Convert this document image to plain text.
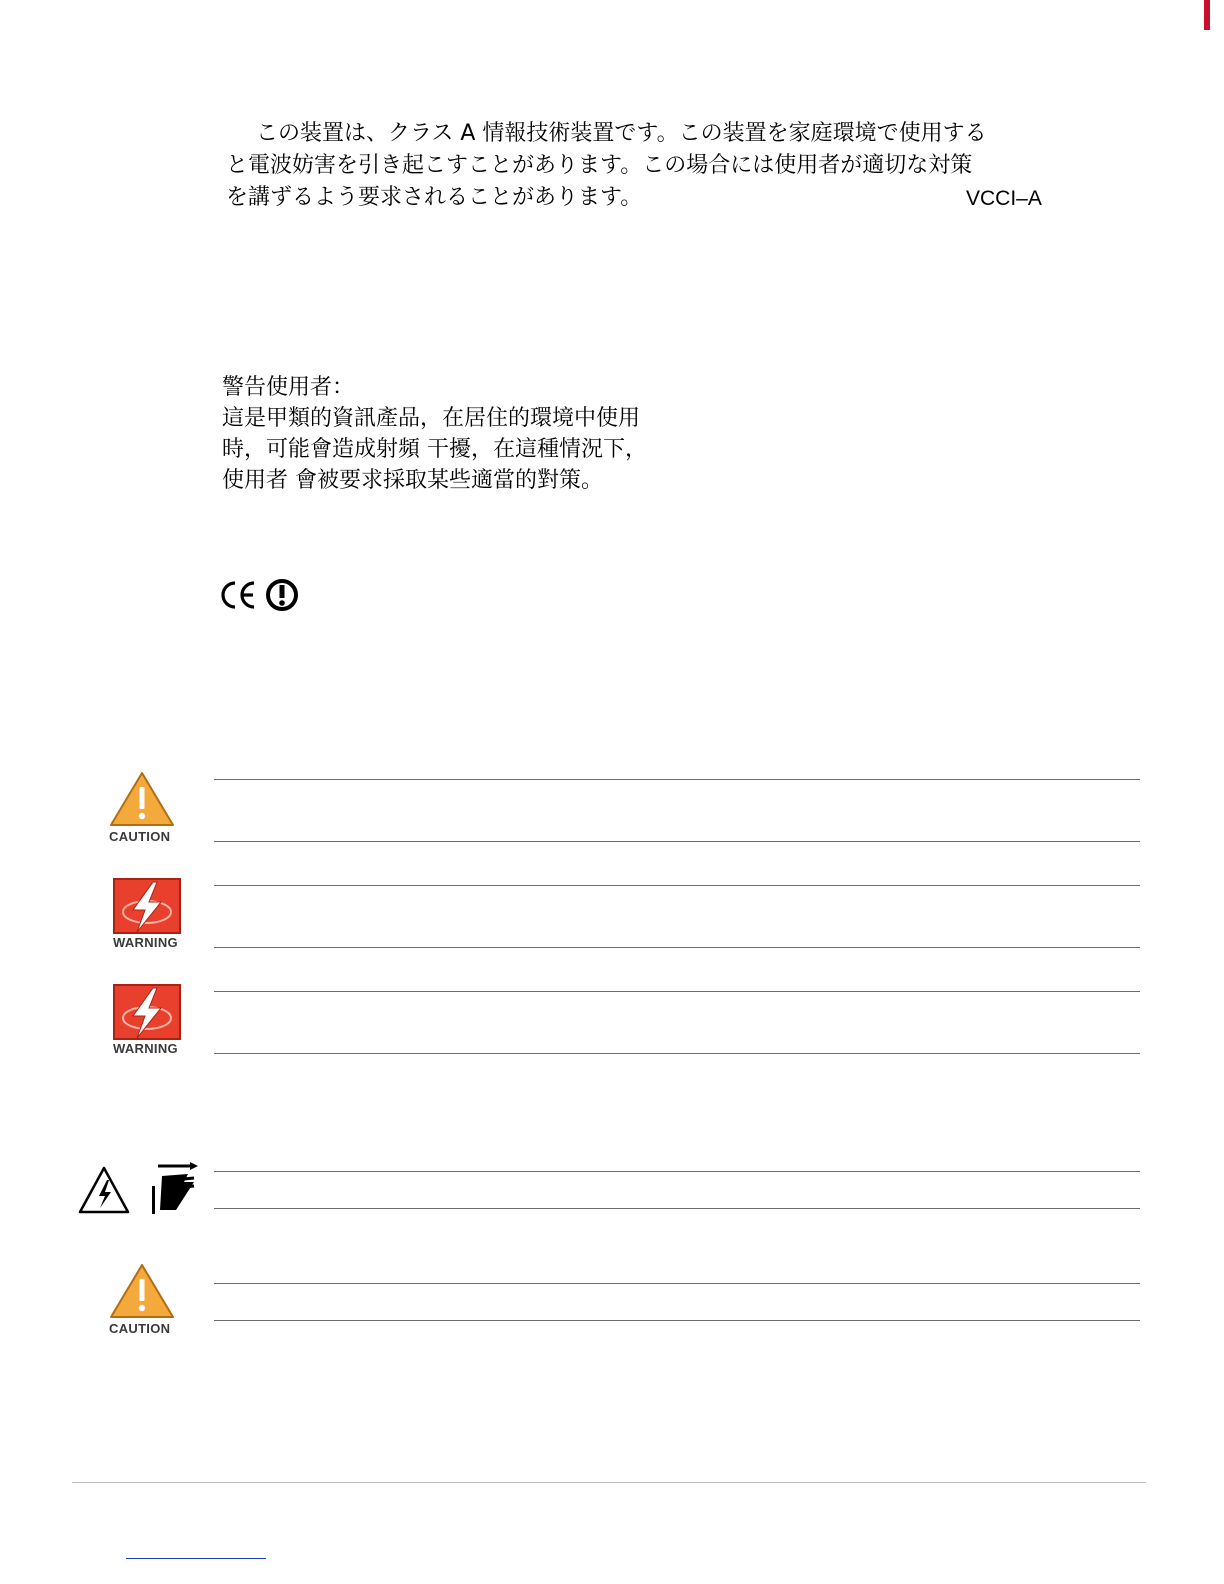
この装置は、クラス A 情報技術装置です。この装置を家庭環境で使用する
と電波妨害を引き起こすことがあります。この場合には使用者が適切な対策
を講ずるよう要求されることがあります。	VCCI–A
警告使用者：
這是甲類的資訊產品，在居住的環境中使用
時，可能會造成射頻 干擾，在這種情況下，
使用者 會被要求採取某些適當的對策。
CAUTION
WARNING
WARNING
CAUTION
